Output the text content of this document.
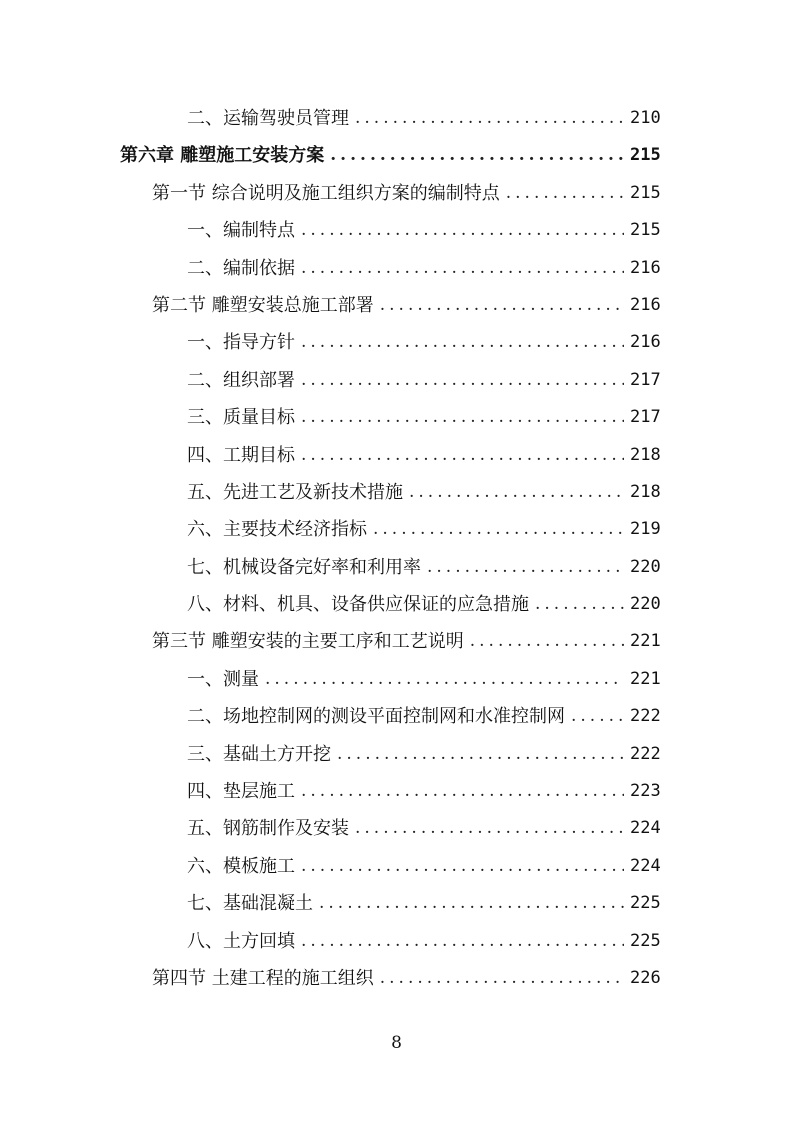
二、运输驾驶员管理 .....	210
第六章 雕塑施工安装方案 .....	215
第一节 综合说明及施工组织方案的编制特点 .....	215
一、编制特点 .....	215
二、编制依据 .....	216
第二节 雕塑安装总施工部署 .....	216
一、指导方针 .....	216
二、组织部署 .....	217
三、质量目标 .....	217
四、工期目标 .....	218
五、先进工艺及新技术措施 .....	218
六、主要技术经济指标 .....	219
七、机械设备完好率和利用率 .....	220
八、材料、机具、设备供应保证的应急措施 .....	220
第三节 雕塑安装的主要工序和工艺说明 .....	221
一、测量 .....	221
二、场地控制网的测设平面控制网和水准控制网 .....	222
三、基础土方开挖 .....	222
四、垫层施工 .....	223
五、钢筋制作及安装 .....	224
六、模板施工 .....	224
七、基础混凝土 .....	225
八、土方回填 .....	225
第四节 土建工程的施工组织 .....	226
8
